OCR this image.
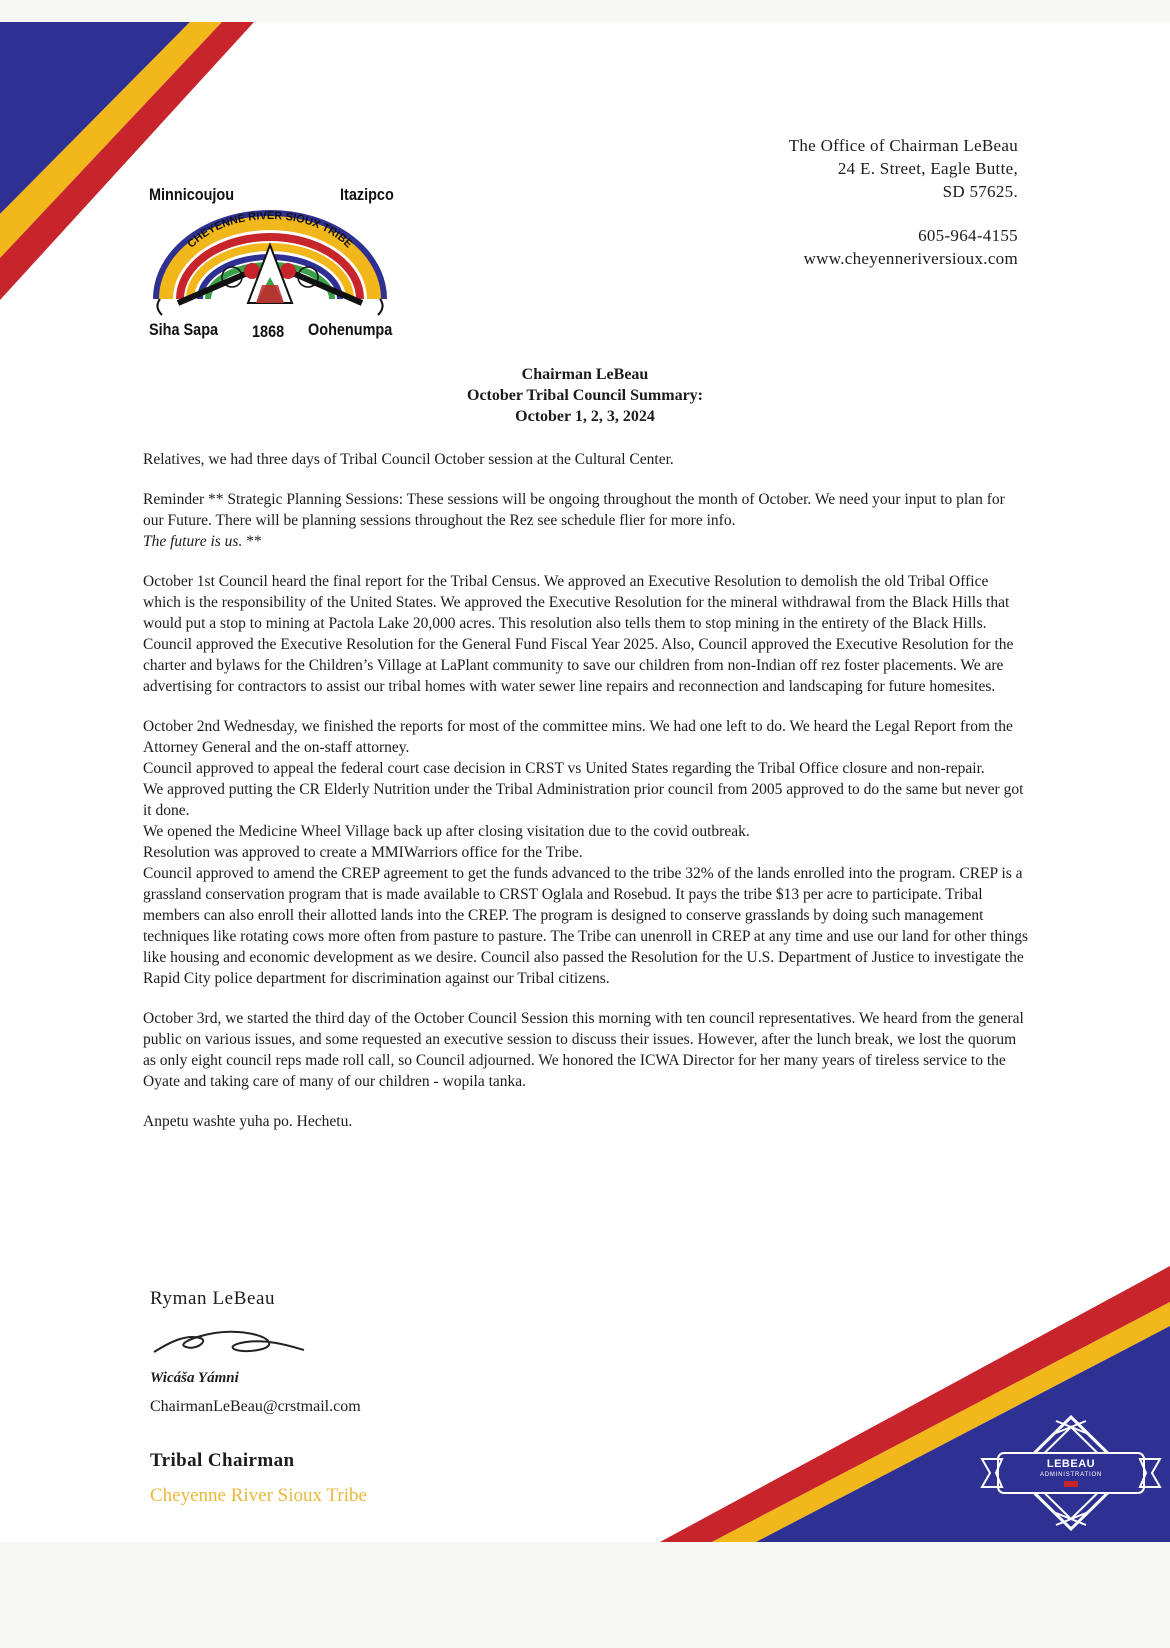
Minnicoujou	Itazipco
CHEYENNE RIVER SIOUX TRIBE
Siha Sapa 1868 Oohenumpa

The Office of Chairman LeBeau

24 E. Street, Eagle Butte,

SD 57625.

605-964-4155

www.cheyenneriversioux.com

Chairman LeBeau

October Tribal Council Summary:

October 1, 2, 3, 2024

Relatives, we had three days of Tribal Council October session at the Cultural Center.

Reminder ** Strategic Planning Sessions: These sessions will be ongoing throughout the month of October. We need your input to plan for our Future. There will be planning sessions throughout the Rez see schedule flier for more info.
The future is us. **

October 1st Council heard the final report for the Tribal Census. We approved an Executive Resolution to demolish the old Tribal Office which is the responsibility of the United States. We approved the Executive Resolution for the mineral withdrawal from the Black Hills that would put a stop to mining at Pactola Lake 20,000 acres. This resolution also tells them to stop mining in the entirety of the Black Hills. Council approved the Executive Resolution for the General Fund Fiscal Year 2025. Also, Council approved the Executive Resolution for the charter and bylaws for the Children’s Village at LaPlant community to save our children from non-Indian off rez foster placements. We are advertising for contractors to assist our tribal homes with water sewer line repairs and reconnection and landscaping for future homesites.

October 2nd Wednesday, we finished the reports for most of the committee mins. We had one left to do. We heard the Legal Report from the Attorney General and the on-staff attorney.

Council approved to appeal the federal court case decision in CRST vs United States regarding the Tribal Office closure and non-repair.

We approved putting the CR Elderly Nutrition under the Tribal Administration prior council from 2005 approved to do the same but never got it done.

We opened the Medicine Wheel Village back up after closing visitation due to the covid outbreak.

Resolution was approved to create a MMIWarriors office for the Tribe.

Council approved to amend the CREP agreement to get the funds advanced to the tribe 32% of the lands enrolled into the program. CREP is a grassland conservation program that is made available to CRST Oglala and Rosebud. It pays the tribe $13 per acre to participate. Tribal members can also enroll their allotted lands into the CREP. The program is designed to conserve grasslands by doing such management techniques like rotating cows more often from pasture to pasture. The Tribe can unenroll in CREP at any time and use our land for other things like housing and economic development as we desire. Council also passed the Resolution for the U.S. Department of Justice to investigate the Rapid City police department for discrimination against our Tribal citizens.

October 3rd, we started the third day of the October Council Session this morning with ten council representatives. We heard from the general public on various issues, and some requested an executive session to discuss their issues. However, after the lunch break, we lost the quorum as only eight council reps made roll call, so Council adjourned. We honored the ICWA Director for her many years of tireless service to the Oyate and taking care of many of our children - wopila tanka.

Anpetu washte yuha po. Hechetu.

Ryman LeBeau
Wicáša Yámni
ChairmanLeBeau@crstmail.com
Tribal Chairman
Cheyenne River Sioux Tribe
LEBEAU
ADMINISTRATION
